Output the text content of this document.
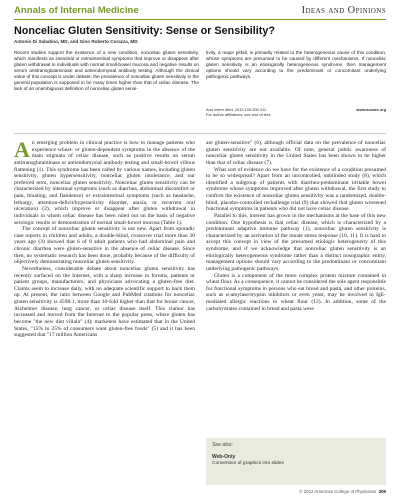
Annals of Internal Medicine	Ideas and Opinions
Nonceliac Gluten Sensitivity: Sense or Sensibility?
Antonio Di Sabatino, MD, and Gino Roberto Corazza, MD
Recent studies support the existence of a new condition, nonceliac gluten sensitivity, which manifests as intestinal or extraintestinal symptoms that improve or disappear after gluten withdrawal in individuals with normal small-bowel mucosa and negative results on serum antitransglutaminase and antiendomysial antibody testing. Although the clinical value of this concept is under debate, the prevalence of nonceliac gluten sensitivity in the general population is supposed to be many times higher than that of celiac disease. The lack of an unambiguous definition of nonceliac gluten sensi-
tivity, a major pitfall, is primarily related to the heterogeneous cause of this condition, whose symptoms are presumed to be caused by different mechanisms. If nonceliac gluten sensitivity is an etiologically heterogeneous syndrome, then management options should vary according to the predominant or concomitant underlying pathogenic pathways.
Ann Intern Med. 2012;156:309-311.
For author affiliations, see end of text.
www.annals.org

An emerging problem in clinical practice is how to manage patients who experience wheat- or gluten-dependent symptoms in the absence of the main stigmata of celiac disease, such as positive results on serum antitransglutaminase or antiendomysial antibody testing and small-bowel villous flattening (1). This syndrome has been called by various names, including gluten sensitivity, gluten hypersensitivity, nonceliac gluten intolerance, and our preferred term, nonceliac gluten sensitivity. Nonceliac gluten sensitivity can be characterized by intestinal symptoms (such as diarrhea, abdominal discomfort or pain, bloating, and flatulence) or extraintestinal symptoms (such as headache, lethargy, attention-deficit/hyperactivity disorder, ataxia, or recurrent oral ulceration) (2), which improve or disappear after gluten withdrawal in individuals in whom celiac disease has been ruled out on the basis of negative serologic results or demonstration of normal small-bowel mucosa (Table 1).

The concept of nonceliac gluten sensitivity is not new. Apart from sporadic case reports in children and adults, a double-blind, crossover trial more than 30 years ago (3) showed that 6 of 8 adult patients who had abdominal pain and chronic diarrhea were gluten-sensitive in the absence of celiac disease. Since then, no systematic research has been done, probably because of the difficulty of objectively demonstrating nonceliac gluten sensitivity.

Nevertheless, considerable debate about nonceliac gluten sensitivity has recently surfaced on the Internet, with a sharp increase in forums, patients or patient groups, manufacturers, and physicians advocating a gluten-free diet. Claims seem to increase daily, with no adequate scientific support to back them up. At present, the ratio between Google and PubMed citations for nonceliac gluten sensitivity is 4598:1, more than 10-fold higher than that for breast cancer, Alzheimer disease, lung cancer, or celiac disease itself. This clamor has increased and moved from the Internet to the popular press, where gluten has become "the new diet villain" (4); marketers have estimated that in the United States, "15% to 25% of consumers want gluten-free foods" (5) and it has been suggested that "17 million Americans

are gluten-sensitive" (6), although official data on the prevalence of nonceliac gluten sensitivity are not available. Of note, general public awareness of nonceliac gluten sensitivity in the United States has been shown to be higher than that of celiac disease (7).

What sort of evidence do we have for the existence of a condition presumed to be so widespread? Apart from an uncontrolled, unblinded study (8), which identified a subgroup of patients with diarrhea-predominant irritable bowel syndrome whose symptoms improved after gluten withdrawal, the first study to confirm the existence of nonceliac gluten sensitivity was a randomized, double-blind, placebo-controlled rechallenge trial (9) that showed that gluten worsened functional symptoms in patients who did not have celiac disease.

Parallel to this, interest has grown in the mechanisms at the base of this new condition. One hypothesis is that celiac disease, which is characterized by a predominant adaptive immune pathway (1), nonceliac gluten sensitivity is characterized by an activation of the innate stress response (10, 11). It is hard to accept this concept in view of the presumed etiologic heterogeneity of this syndrome, and if we acknowledge that nonceliac gluten sensitivity is an etiologically heterogeneous syndrome rather than a distinct nosographic entity, management options should vary according to the predominant or concomitant underlying pathogenic pathways.

Gluten is a component of the more complex protein mixture contained in wheat flour. As a consequence, it cannot be considered the sole agent responsible for functional symptoms in persons who eat bread and pasta, and other proteins, such as α-amylase/trypsin inhibitors or even yeast, may be involved in IgE-mediated allergic reactions to wheat flour (12). In addition, some of the carbohydrates contained in bread and pasta were

See also:
Web-Only
Conversion of graphics into slides
© 2012 American College of Physicians 309
